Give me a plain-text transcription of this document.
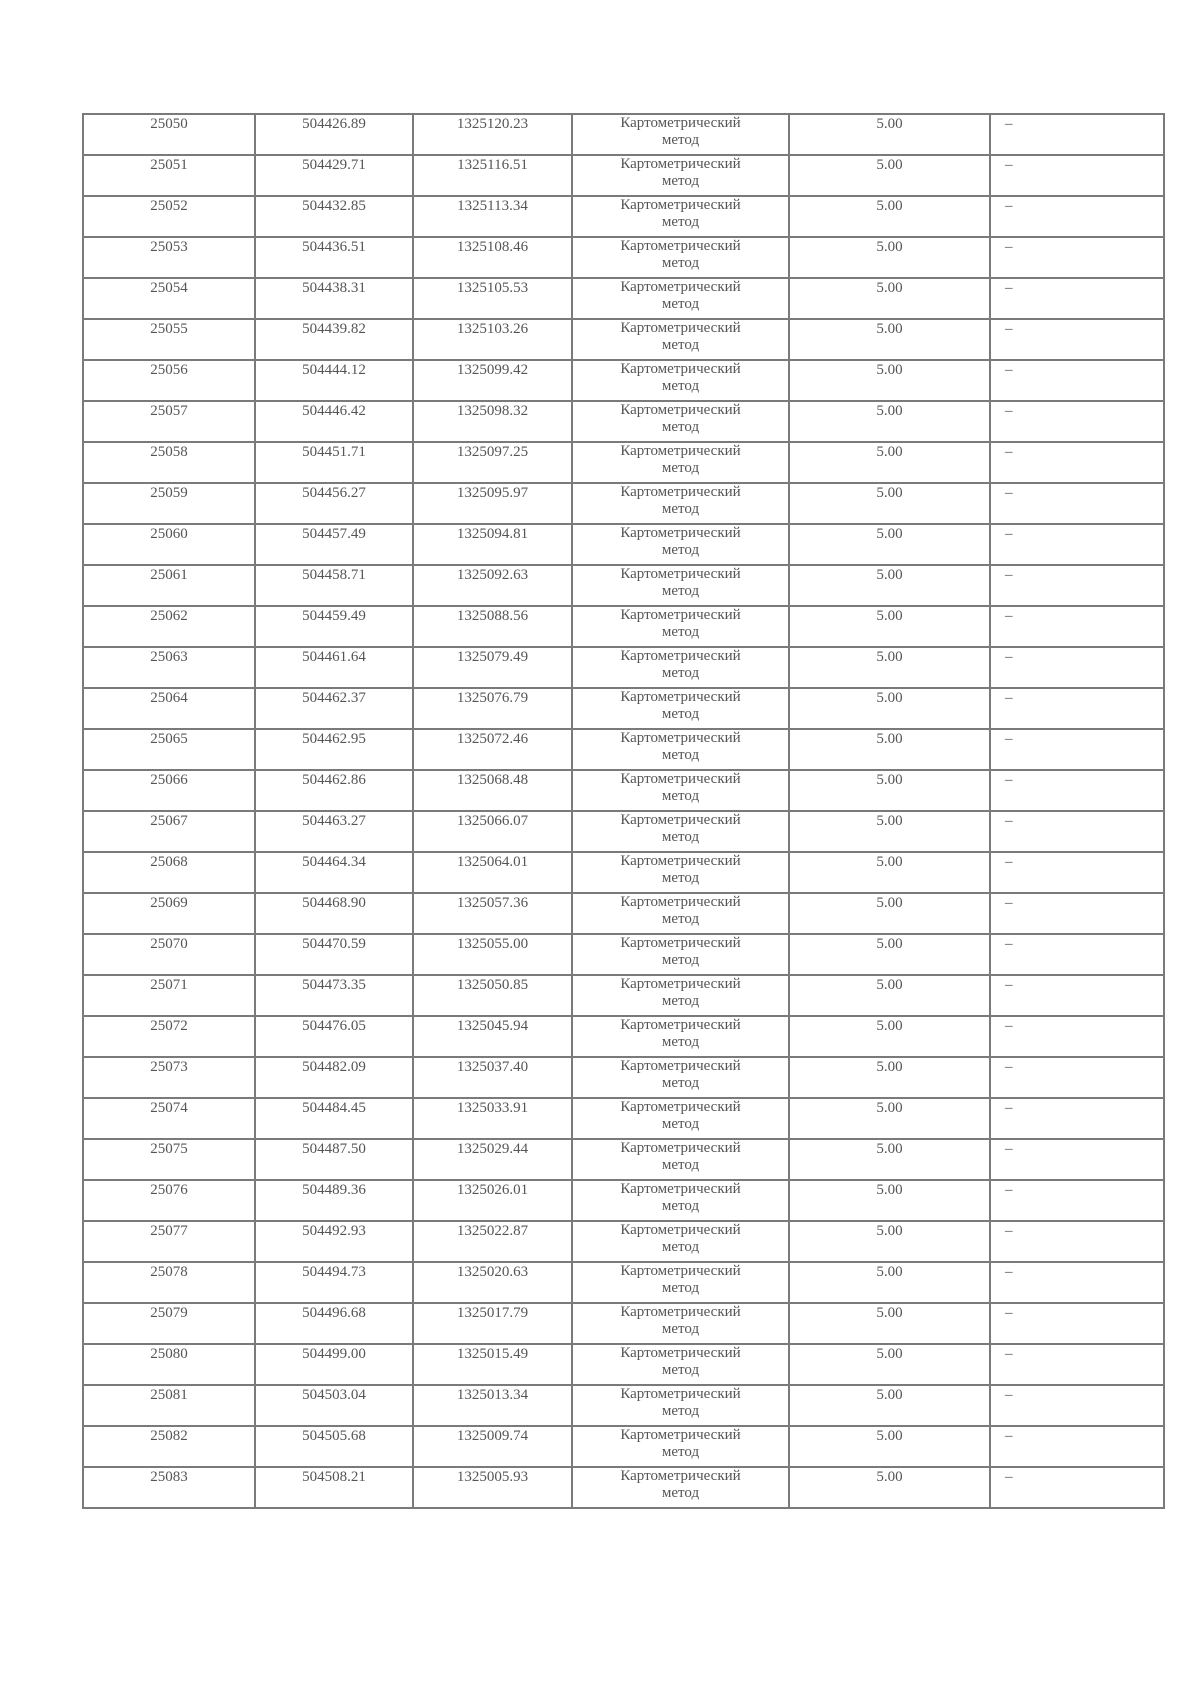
25050	504426.89	1325120.23	Картометрический
метод	5.00	–
25051	504429.71	1325116.51	Картометрический
метод	5.00	–
25052	504432.85	1325113.34	Картометрический
метод	5.00	–
25053	504436.51	1325108.46	Картометрический
метод	5.00	–
25054	504438.31	1325105.53	Картометрический
метод	5.00	–
25055	504439.82	1325103.26	Картометрический
метод	5.00	–
25056	504444.12	1325099.42	Картометрический
метод	5.00	–
25057	504446.42	1325098.32	Картометрический
метод	5.00	–
25058	504451.71	1325097.25	Картометрический
метод	5.00	–
25059	504456.27	1325095.97	Картометрический
метод	5.00	–
25060	504457.49	1325094.81	Картометрический
метод	5.00	–
25061	504458.71	1325092.63	Картометрический
метод	5.00	–
25062	504459.49	1325088.56	Картометрический
метод	5.00	–
25063	504461.64	1325079.49	Картометрический
метод	5.00	–
25064	504462.37	1325076.79	Картометрический
метод	5.00	–
25065	504462.95	1325072.46	Картометрический
метод	5.00	–
25066	504462.86	1325068.48	Картометрический
метод	5.00	–
25067	504463.27	1325066.07	Картометрический
метод	5.00	–
25068	504464.34	1325064.01	Картометрический
метод	5.00	–
25069	504468.90	1325057.36	Картометрический
метод	5.00	–
25070	504470.59	1325055.00	Картометрический
метод	5.00	–
25071	504473.35	1325050.85	Картометрический
метод	5.00	–
25072	504476.05	1325045.94	Картометрический
метод	5.00	–
25073	504482.09	1325037.40	Картометрический
метод	5.00	–
25074	504484.45	1325033.91	Картометрический
метод	5.00	–
25075	504487.50	1325029.44	Картометрический
метод	5.00	–
25076	504489.36	1325026.01	Картометрический
метод	5.00	–
25077	504492.93	1325022.87	Картометрический
метод	5.00	–
25078	504494.73	1325020.63	Картометрический
метод	5.00	–
25079	504496.68	1325017.79	Картометрический
метод	5.00	–
25080	504499.00	1325015.49	Картометрический
метод	5.00	–
25081	504503.04	1325013.34	Картометрический
метод	5.00	–
25082	504505.68	1325009.74	Картометрический
метод	5.00	–
25083	504508.21	1325005.93	Картометрический
метод	5.00	–
